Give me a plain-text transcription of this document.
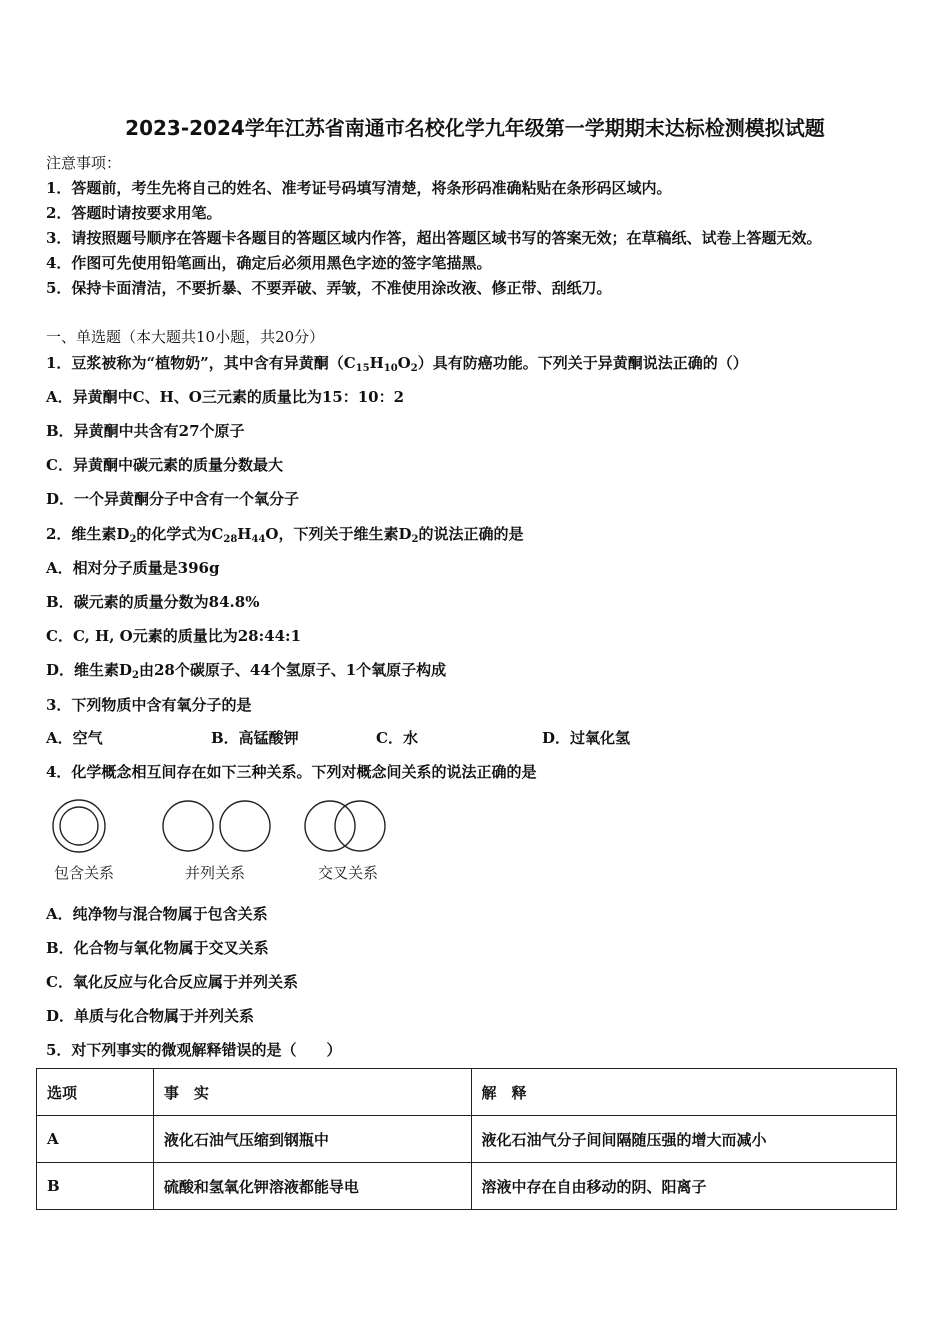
2023-2024学年江苏省南通市名校化学九年级第一学期期末达标检测模拟试题
注意事项：
1．答题前，考生先将自己的姓名、准考证号码填写清楚，将条形码准确粘贴在条形码区域内。
2．答题时请按要求用笔。
3．请按照题号顺序在答题卡各题目的答题区域内作答，超出答题区域书写的答案无效；在草稿纸、试卷上答题无效。
4．作图可先使用铅笔画出，确定后必须用黑色字迹的签字笔描黑。
5．保持卡面清洁，不要折暴、不要弄破、弄皱，不准使用涂改液、修正带、刮纸刀。
一、单选题（本大题共10小题，共20分）
1．豆浆被称为“植物奶”，其中含有异黄酮$(C_{15}H_{10}O_2)$具有防癌功能。下列关于异黄酮说法正确的（）
A．异黄酮中C、H、O三元素的质量比为15：10：2
B．异黄酮中共含有27个原子
C．异黄酮中碳元素的质量分数最大
D．一个异黄酮分子中含有一个氧分子
2．维生素$D_2$的化学式为$C_{28}H_{44}O$，下列关于维生素$D_2$的说法正确的是
A．相对分子质量是396g
B．碳元素的质量分数为84.8%
C．C, H, O元素的质量比为28:44:1
D．维生素$D_2$由28个碳原子、44个氢原子、1个氧原子构成
3．下列物质中含有氧分子的是
A．空气	B．高锰酸钾	C．水	D．过氧化氢
4．化学概念相互间存在如下三种关系。下列对概念间关系的说法正确的是
包含关系	并列关系	交叉关系
A．纯净物与混合物属于包含关系
B．化合物与氧化物属于交叉关系
C．氧化反应与化合反应属于并列关系
D．单质与化合物属于并列关系
5．对下列事实的微观解释错误的是（　　）
选项	事　实	解　释
A	液化石油气压缩到钢瓶中	液化石油气分子间间隔随压强的增大而减小
B	硫酸和氢氧化钾溶液都能导电	溶液中存在自由移动的阴、阳离子
